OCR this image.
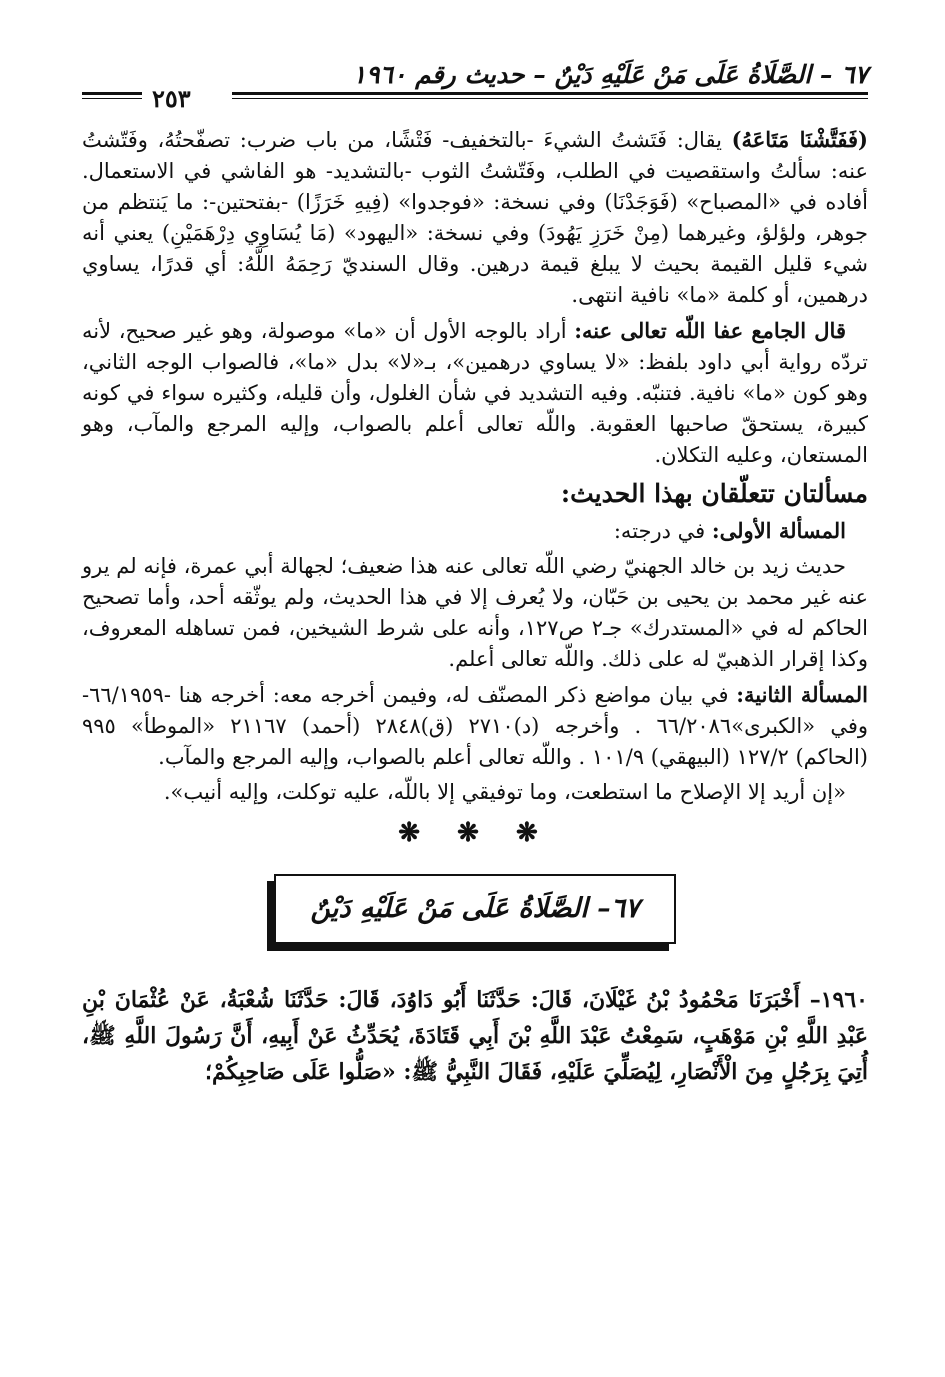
٦٧ – الصَّلَاةُ عَلَى مَنْ عَلَيْهِ دَيْنٌ – حديث رقم ١٩٦٠
٢٥٣

(فَفَتَّشْنَا مَتَاعَهُ) يقال: فَتَشتُ الشيءَ -بالتخفيف- فَتْشًا، من باب ضرب: تصفّحتُهُ، وفَتّشتُ عنه: سألتُ واستقصيت في الطلب، وفَتّشتُ الثوب -بالتشديد- هو الفاشي في الاستعمال. أفاده في «المصباح» (فَوَجَدْنَا) وفي نسخة: «فوجدوا» (فِيهِ خَرَزًا) -بفتحتين-: ما يَنتظم من جوهر، ولؤلؤ، وغيرهما (مِنْ خَرَزِ يَهُودَ) وفي نسخة: «اليهود» (مَا يُسَاوِي دِرْهَمَيْنِ) يعني أنه شيء قليل القيمة بحيث لا يبلغ قيمة درهين. وقال السنديّ رَحِمَهُ اللَّهُ: أي قدرًا، يساوي درهمين، أو كلمة «ما» نافية انتهى.

قال الجامع عفا اللّه تعالى عنه: أراد بالوجه الأول أن «ما» موصولة، وهو غير صحيح، لأنه تردّه رواية أبي داود بلفظ: «لا يساوي درهمين»، بـ«لا» بدل «ما»، فالصواب الوجه الثاني، وهو كون «ما» نافية. فتنبّه. وفيه التشديد في شأن الغلول، وأن قليله، وكثيره سواء في كونه كبيرة، يستحقّ صاحبها العقوبة. واللّه تعالى أعلم بالصواب، وإليه المرجع والمآب، وهو المستعان، وعليه التكلان.

مسألتان تتعلّقان بهذا الحديث:

المسألة الأولى: في درجته:

حديث زيد بن خالد الجهنيّ رضي اللّه تعالى عنه هذا ضعيف؛ لجهالة أبي عمرة، فإنه لم يرو عنه غير محمد بن يحيى بن حَبّان، ولا يُعرف إلا في هذا الحديث، ولم يوثّقه أحد، وأما تصحيح الحاكم له في «المستدرك» جـ٢ ص١٢٧، وأنه على شرط الشيخين، فمن تساهله المعروف، وكذا إقرار الذهبيّ له على ذلك. واللّه تعالى أعلم.

المسألة الثانية: في بيان مواضع ذكر المصنّف له، وفيمن أخرجه معه: أخرجه هنا -٦٦/١٩٥٩- وفي «الكبرى»٦٦/٢٠٨٦ . وأخرجه (د)٢٧١٠ (ق)٢٨٤٨ (أحمد) ٢١١٦٧ «الموطأ» ٩٩٥ (الحاكم) ١٢٧/٢ (البيهقي) ١٠١/٩ . واللّه تعالى أعلم بالصواب، وإليه المرجع والمآب.

«إن أريد إلا الإصلاح ما استطعت، وما توفيقي إلا باللّه، عليه توكلت، وإليه أنيب».

❋ ❋ ❋
٦٧– الصَّلَاةُ عَلَى مَنْ عَلَيْهِ دَيْنٌ
١٩٦٠– أَخْبَرَنَا مَحْمُودُ بْنُ غَيْلَانَ، قَالَ: حَدَّثَنَا أَبُو دَاوُدَ، قَالَ: حَدَّثَنَا شُعْبَةُ، عَنْ عُثْمَانَ بْنِ عَبْدِ اللَّهِ بْنِ مَوْهَبٍ، سَمِعْتُ عَبْدَ اللَّهِ بْنَ أَبِي قَتَادَةَ، يُحَدِّثُ عَنْ أَبِيهِ، أَنَّ رَسُولَ اللَّهِ ﷺ، أُتِيَ بِرَجُلٍ مِنَ الْأَنْصَارِ، لِيُصَلِّيَ عَلَيْهِ، فَقَالَ النَّبِيُّ ﷺ: «صَلُّوا عَلَى صَاحِبِكُمْ؛
